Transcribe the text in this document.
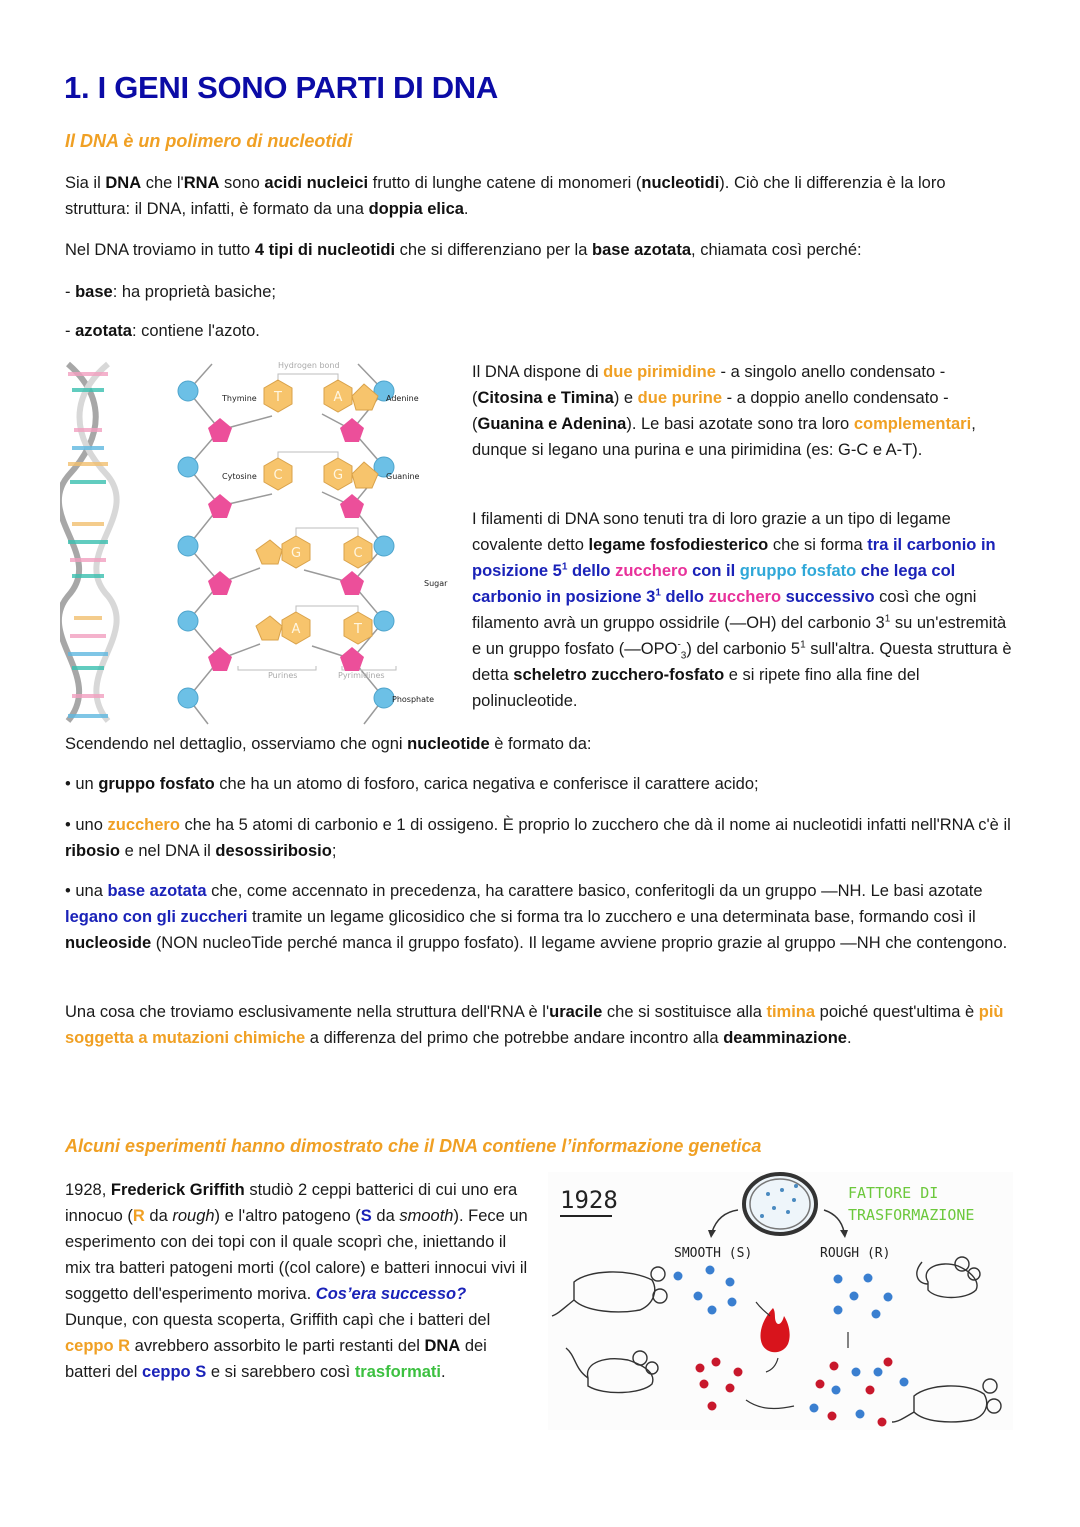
1. I GENI SONO PARTI DI DNA
Il DNA è un polimero di nucleotidi
Sia il DNA che l'RNA sono acidi nucleici frutto di lunghe catene di monomeri (nucleotidi). Ciò che li differenzia è la loro struttura: il DNA, infatti, è formato da una doppia elica.
Nel DNA troviamo in tutto 4 tipi di nucleotidi che si differenziano per la base azotata, chiamata così perché:
- base: ha proprietà basiche;
- azotata: contiene l'azoto.
T	A
C	G
G	C
A	T
Hydrogen bond
Thymine	Adenine
Cytosine	Guanine
Sugar
Phosphate
Purines	Pyrimidines
Il DNA dispone di due pirimidine - a singolo anello condensato - (Citosina e Timina) e due purine - a doppio anello condensato - (Guanina e Adenina). Le basi azotate sono tra loro complementari, dunque si legano una purina e una pirimidina (es: G-C e A-T).
I filamenti di DNA sono tenuti tra di loro grazie a un tipo di legame covalente detto legame fosfodiesterico che si forma tra il carbonio in posizione $5^1$ dello zucchero con il gruppo fosfato che lega col carbonio in posizione $3^1$ dello zucchero successivo così che ogni filamento avrà un gruppo ossidrile (—OH) del carbonio $3^1$ su un'estremità e un gruppo fosfato $(—OPO^-_3)$ del carbonio $5^1$ sull'altra. Questa struttura è detta scheletro zucchero-fosfato e si ripete fino alla fine del polinucleotide.
Scendendo nel dettaglio, osserviamo che ogni nucleotide è formato da:
• un gruppo fosfato che ha un atomo di fosforo, carica negativa e conferisce il carattere acido;
• uno zucchero che ha 5 atomi di carbonio e 1 di ossigeno. È proprio lo zucchero che dà il nome ai nucleotidi infatti nell'RNA c'è il ribosio e nel DNA il desossiribosio;
• una base azotata che, come accennato in precedenza, ha carattere basico, conferitogli da un gruppo —NH. Le basi azotate legano con gli zuccheri tramite un legame glicosidico che si forma tra lo zucchero e una determinata base, formando così il nucleoside (NON nucleoTide perché manca il gruppo fosfato). Il legame avviene proprio grazie al gruppo —NH che contengono.
Una cosa che troviamo esclusivamente nella struttura dell'RNA è l'uracile che si sostituisce alla timina poiché quest'ultima è più soggetta a mutazioni chimiche a differenza del primo che potrebbe andare incontro alla deamminazione.
Alcuni esperimenti hanno dimostrato che il DNA contiene l’informazione genetica
1928, Frederick Griffith studiò 2 ceppi batterici di cui uno era innocuo (R da rough) e l'altro patogeno (S da smooth). Fece un esperimento con dei topi con il quale scoprì che, iniettando il mix tra batteri patogeni morti ((col calore) e batteri innocui vivi il soggetto dell'esperimento moriva. Cos’era successo? Dunque, con questa scoperta, Griffith capì che i batteri del ceppo R avrebbero assorbito le parti restanti del DNA dei batteri del ceppo S e si sarebbero così trasformati.
1928
SMOOTH (S)	ROUGH (R)
FATTORE DI
TRASFORMAZIONE
